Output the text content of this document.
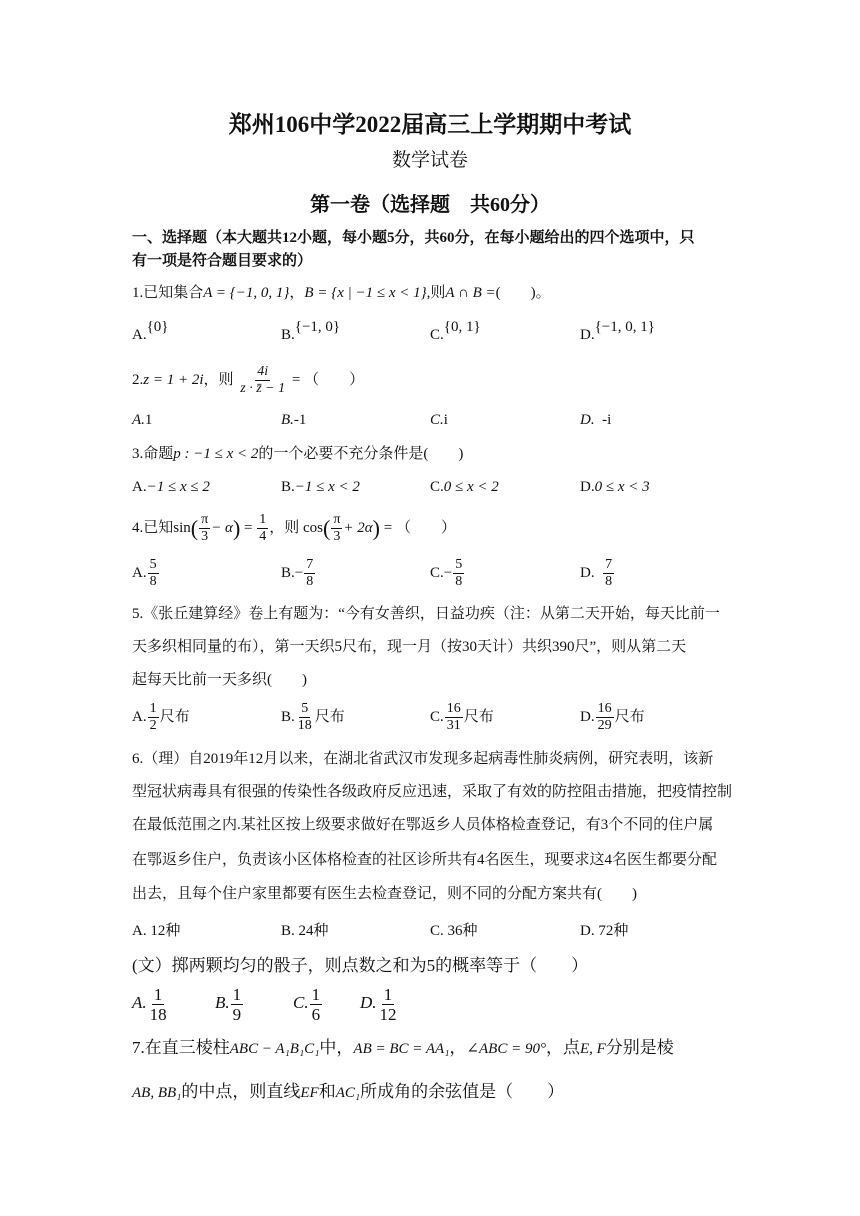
郑州106中学2022届高三上学期期中考试
数学试卷
第一卷（选择题　共60分）
一、选择题（本大题共12小题，每小题5分，共60分，在每小题给出的四个选项中，只
有一项是符合题目要求的）
1.已知集合A = {−1, 0, 1}，B = {x | −1 ≤ x < 1},则A ∩ B =(　　)。
A.{0}	B.{−1, 0}	C.{0, 1}	D.{−1, 0, 1}
2.z = 1 + 2i，则 $\frac{4i}{z \cdot z̄ - 1}$ = （　　）
A.1	B.-1	C.i	D. -i
3.命题p : −1 ≤ x < 2的一个必要不充分条件是(　　)
A.−1 ≤ x ≤ 2	B.−1 ≤ x < 2	C.0 ≤ x < 2	D.0 ≤ x < 3
4.已知$\sin( \frac{\pi}{3} - \alpha) = \frac{1}{4}$ ，则 $\cos( \frac{\pi}{3} + 2\alpha)$ = （　　）
A. $\frac{5}{8}$	$B.- \frac{7}{8}$	$C.- \frac{5}{8}$	D. $\frac{7}{8}$
5.《张丘建算经》卷上有题为：“今有女善织，日益功疾（注：从第二天开始，每天比前一
天多织相同量的布），第一天织5尺布，现一月（按30天计）共织390尺”，则从第二天
起每天比前一天多织(　　)
A. $\frac{1}{2}$ 尺布	B. $\frac{5}{18}$ 尺布	C. $\frac{16}{31}$ 尺布	D. $\frac{16}{29}$ 尺布
6.（理）自2019年12月以来，在湖北省武汉市发现多起病毒性肺炎病例，研究表明，该新
型冠状病毒具有很强的传染性各级政府反应迅速，采取了有效的防控阻击措施，把疫情控制
在最低范围之内.某社区按上级要求做好在鄂返乡人员体格检查登记，有3个不同的住户属
在鄂返乡住户，负责该小区体格检查的社区诊所共有4名医生，现要求这4名医生都要分配
出去，且每个住户家里都要有医生去检查登记，则不同的分配方案共有(　　)
A. 12种	B. 24种	C. 36种	D. 72种
(文）掷两颗均匀的骰子，则点数之和为5的概率等于（　　）
A. $\frac{1}{18}$	B. $\frac{1}{9}$	C. $\frac{1}{6} D$. $\frac{1}{12}$
7.在直三棱柱ABC − A₁B₁C₁中，AB = BC = AA₁，∠ABC = 90°，点E, F分别是棱
AB, BB₁的中点，则直线EF和AC₁所成角的余弦值是（　　）
